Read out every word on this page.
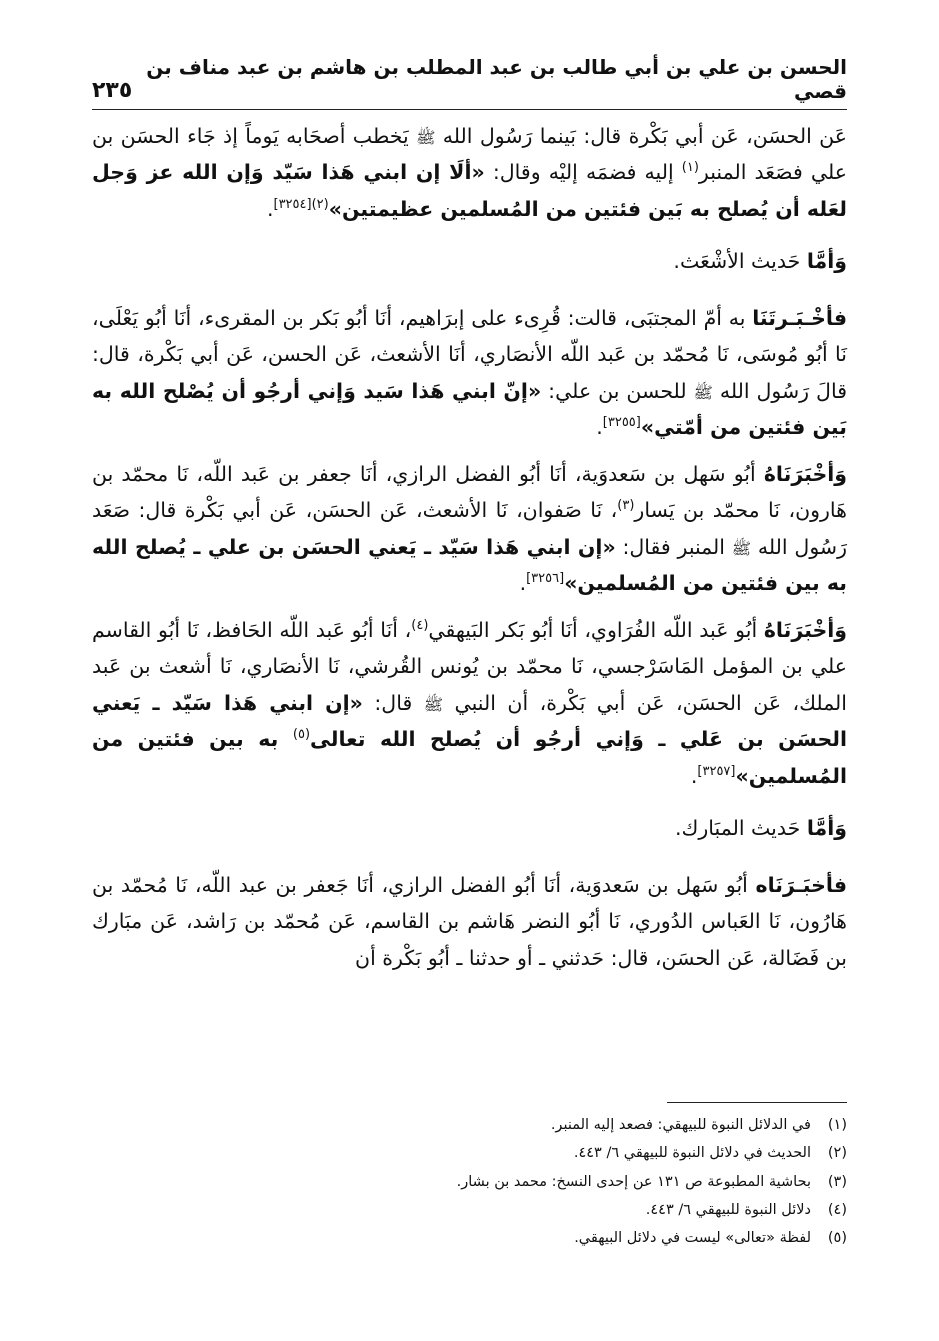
الحسن بن علي بن أبي طالب بن عبد المطلب بن هاشم بن عبد مناف بن قصي
٢٣٥

عَن الحسَن، عَن أبي بَكْرة قال: بَينما رَسُول الله ﷺ يَخطب أصحَابه يَوماً إذ جَاء الحسَن بن علي فصَعَد المنبر$^{(١)}$ إليه فضمَه إليْه وقال: «ألَا إن ابني هَذا سَيّد وَإن الله عز وَجل لعَله أن يُصلح به بَين فئتين من المُسلمين عظيمتين»$^{(٢)[٣٢٥٤]}$.

وَأمَّا حَديث الأشْعَث.

فأخْـبَـرتَنَا به أمّ المجتبَى، قالت: قُرِىء على إبرَاهيم، أنَا أبُو بَكر بن المقرىء، أنَا أبُو يَعْلَى، نَا أبُو مُوسَى، نَا مُحمّد بن عَبد اللّه الأنصَاري، أنَا الأشعث، عَن الحسن، عَن أبي بَكْرة، قال: قالَ رَسُول الله ﷺ للحسن بن علي: «إنّ ابني هَذا سَيد وَإني أرجُو أن يُصْلح الله به بَين فئتين من أمّتي»[٣٢٥٥].

وَأخْبَرَنَاهُ أبُو سَهل بن سَعدوَية، أنَا أبُو الفضل الرازي، أنَا جعفر بن عَبد اللّه، نَا محمّد بن هَارون، نَا محمّد بن يَسار$^{(٣)}$، نَا صَفوان، نَا الأشعث، عَن الحسَن، عَن أبي بَكْرة قال: صَعَد رَسُول الله ﷺ المنبر فقال: «إن ابني هَذا سَيّد ـ يَعني الحسَن بن علي ـ يُصلح الله به بين فئتين من المُسلمين»[٣٢٥٦].

وَأخْبَرَنَاهُ أبُو عَبد اللّه الفُرَاوي، أنَا أبُو بَكر البَيهقي$^{(٤)}$، أنَا أبُو عَبد اللّه الحَافظ، نَا أبُو القاسم علي بن المؤمل المَاسَرْجسي، نَا محمّد بن يُونس القُرشي، نَا الأنصَاري، نَا أشعث بن عَبد الملك، عَن الحسَن، عَن أبي بَكْرة، أن النبي ﷺ قال: «إن ابني هَذا سَيّد ـ يَعني الحسَن بن عَلي ـ وَإني أرجُو أن يُصلح الله تعالى$^{(٥)}$ به بين فئتين من المُسلمين»[٣٢٥٧].

وَأمَّا حَديث المبَارك.

فأخبَـرَنَاه أبُو سَهل بن سَعدوَية، أنَا أبُو الفضل الرازي، أنَا جَعفر بن عبد اللّه، نَا مُحمّد بن هَارُون، نَا العَباس الدُوري، نَا أبُو النضر هَاشم بن القاسم، عَن مُحمّد بن رَاشد، عَن مبَارك بن فَضَالة، عَن الحسَن، قال: حَدثني ـ أو حدثنا ـ أبُو بَكْرة أن

(١)
في الدلائل النبوة للبيهقي: فصعد إليه المنبر.
(٢)
الحديث في دلائل النبوة للبيهقي ٦/ ٤٤٣.
(٣)
بحاشية المطبوعة ص ١٣١ عن إحدى النسخ: محمد بن بشار.
(٤)
دلائل النبوة للبيهقي ٦/ ٤٤٣.
(٥)
لفظة «تعالى» ليست في دلائل البيهقي.
